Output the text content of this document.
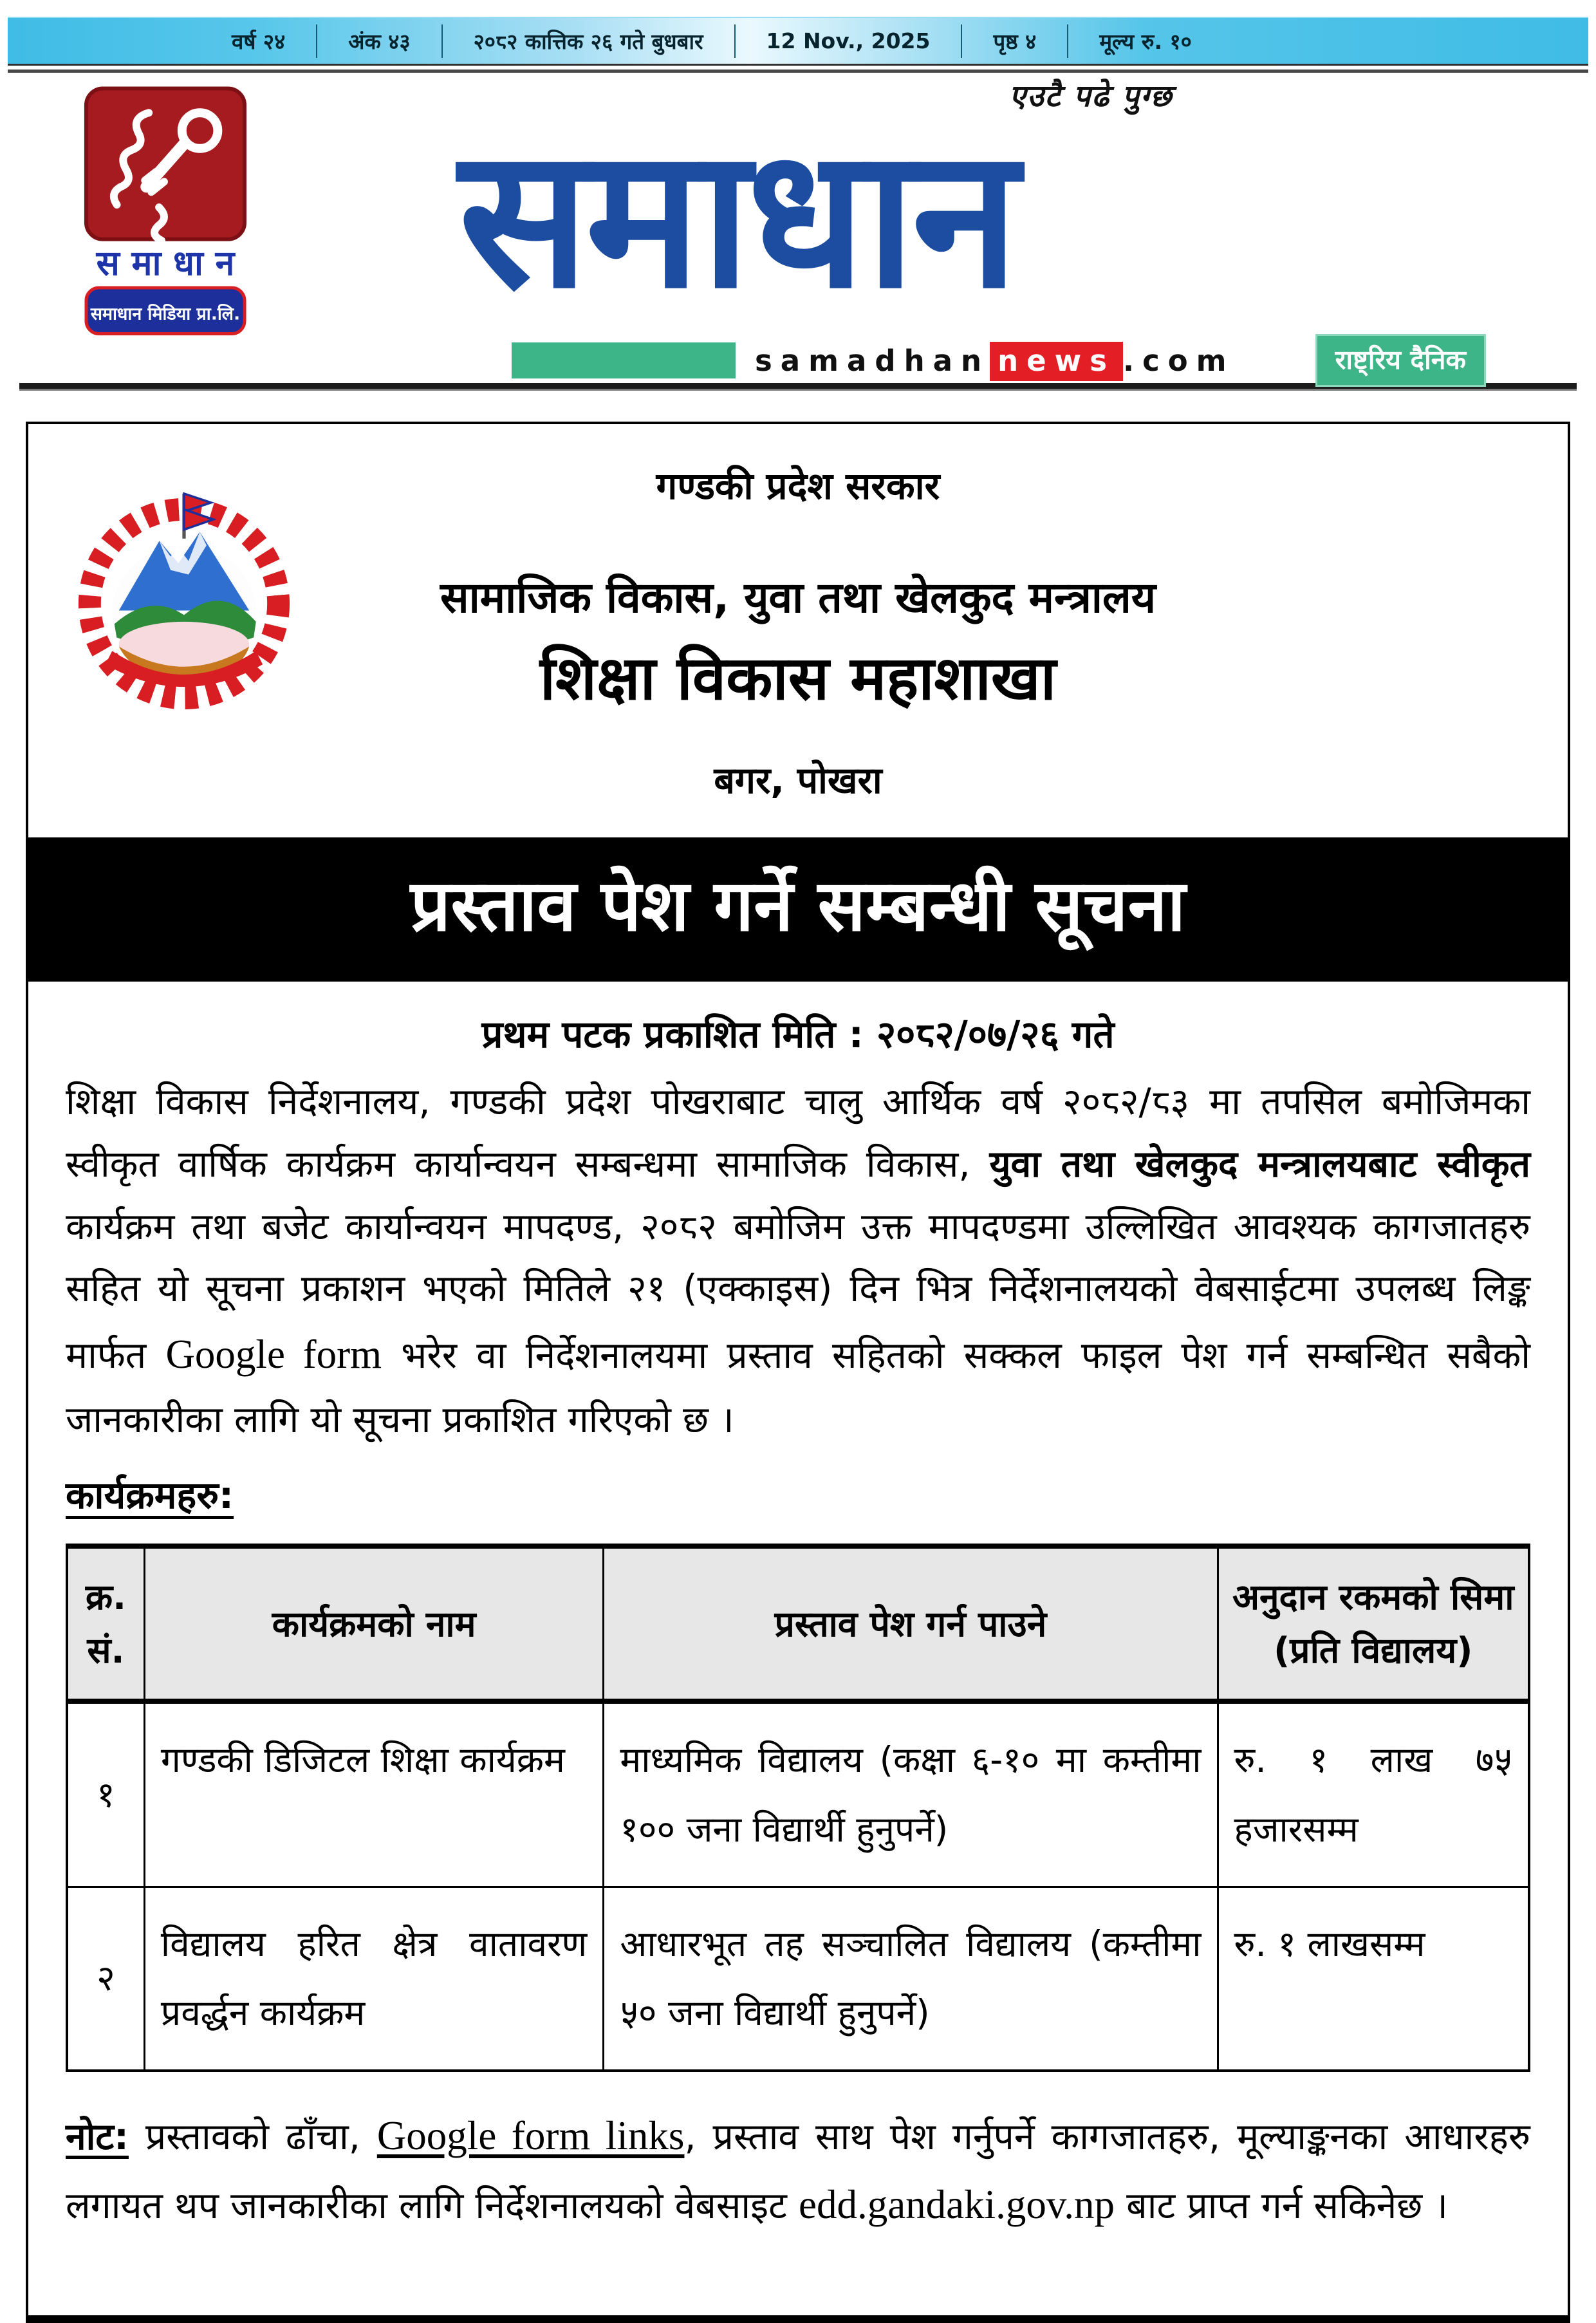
वर्ष २४	अंक ४३	२०८२ कात्तिक २६ गते बुधबार	12 Nov., 2025	पृष्ठ ४	मूल्य रु. १०
स मा धा न
समाधान मिडिया प्रा.लि.
एउटै पढे पुग्छ
समाधान
samadhan news .com	राष्ट्रिय दैनिक
गण्डकी प्रदेश सरकार
सामाजिक विकास, युवा तथा खेलकुद मन्त्रालय
शिक्षा विकास महाशाखा
बगर, पोखरा
प्रस्ताव पेश गर्ने सम्बन्धी सूचना
प्रथम पटक प्रकाशित मिति : २०८२/०७/२६ गते

शिक्षा विकास निर्देशनालय, गण्डकी प्रदेश पोखराबाट चालु आर्थिक वर्ष २०८२/८३ मा तपसिल बमोजिमका स्वीकृत वार्षिक कार्यक्रम कार्यान्वयन सम्बन्धमा सामाजिक विकास, युवा तथा खेलकुद मन्त्रालयबाट स्वीकृत कार्यक्रम तथा बजेट कार्यान्वयन मापदण्ड, २०८२ बमोजिम उक्त मापदण्डमा उल्लिखित आवश्यक कागजातहरु सहित यो सूचना प्रकाशन भएको मितिले २१ (एक्काइस) दिन भित्र निर्देशनालयको वेबसाईटमा उपलब्ध लिङ्क मार्फत Google form भरेर वा निर्देशनालयमा प्रस्ताव सहितको सक्कल फाइल पेश गर्न सम्बन्धित सबैको जानकारीका लागि यो सूचना प्रकाशित गरिएको छ ।

कार्यक्रमहरु:
क्र. सं.	कार्यक्रमको नाम	प्रस्ताव पेश गर्न पाउने	अनुदान रकमको सिमा (प्रति विद्यालय)
१	गण्डकी डिजिटल शिक्षा कार्यक्रम	माध्यमिक विद्यालय (कक्षा ६-१० मा कम्तीमा १०० जना विद्यार्थी हुनुपर्ने)	रु. १ लाख ७५ हजारसम्म
२	विद्यालय हरित क्षेत्र वातावरण प्रवर्द्धन कार्यक्रम	आधारभूत तह सञ्चालित विद्यालय (कम्तीमा ५० जना विद्यार्थी हुनुपर्ने)	रु. १ लाखसम्म

नोट: प्रस्तावको ढाँचा, Google form links, प्रस्ताव साथ पेश गर्नुपर्ने कागजातहरु, मूल्याङ्कनका आधारहरु लगायत थप जानकारीका लागि निर्देशनालयको वेबसाइट edd.gandaki.gov.np बाट प्राप्त गर्न सकिनेछ ।
